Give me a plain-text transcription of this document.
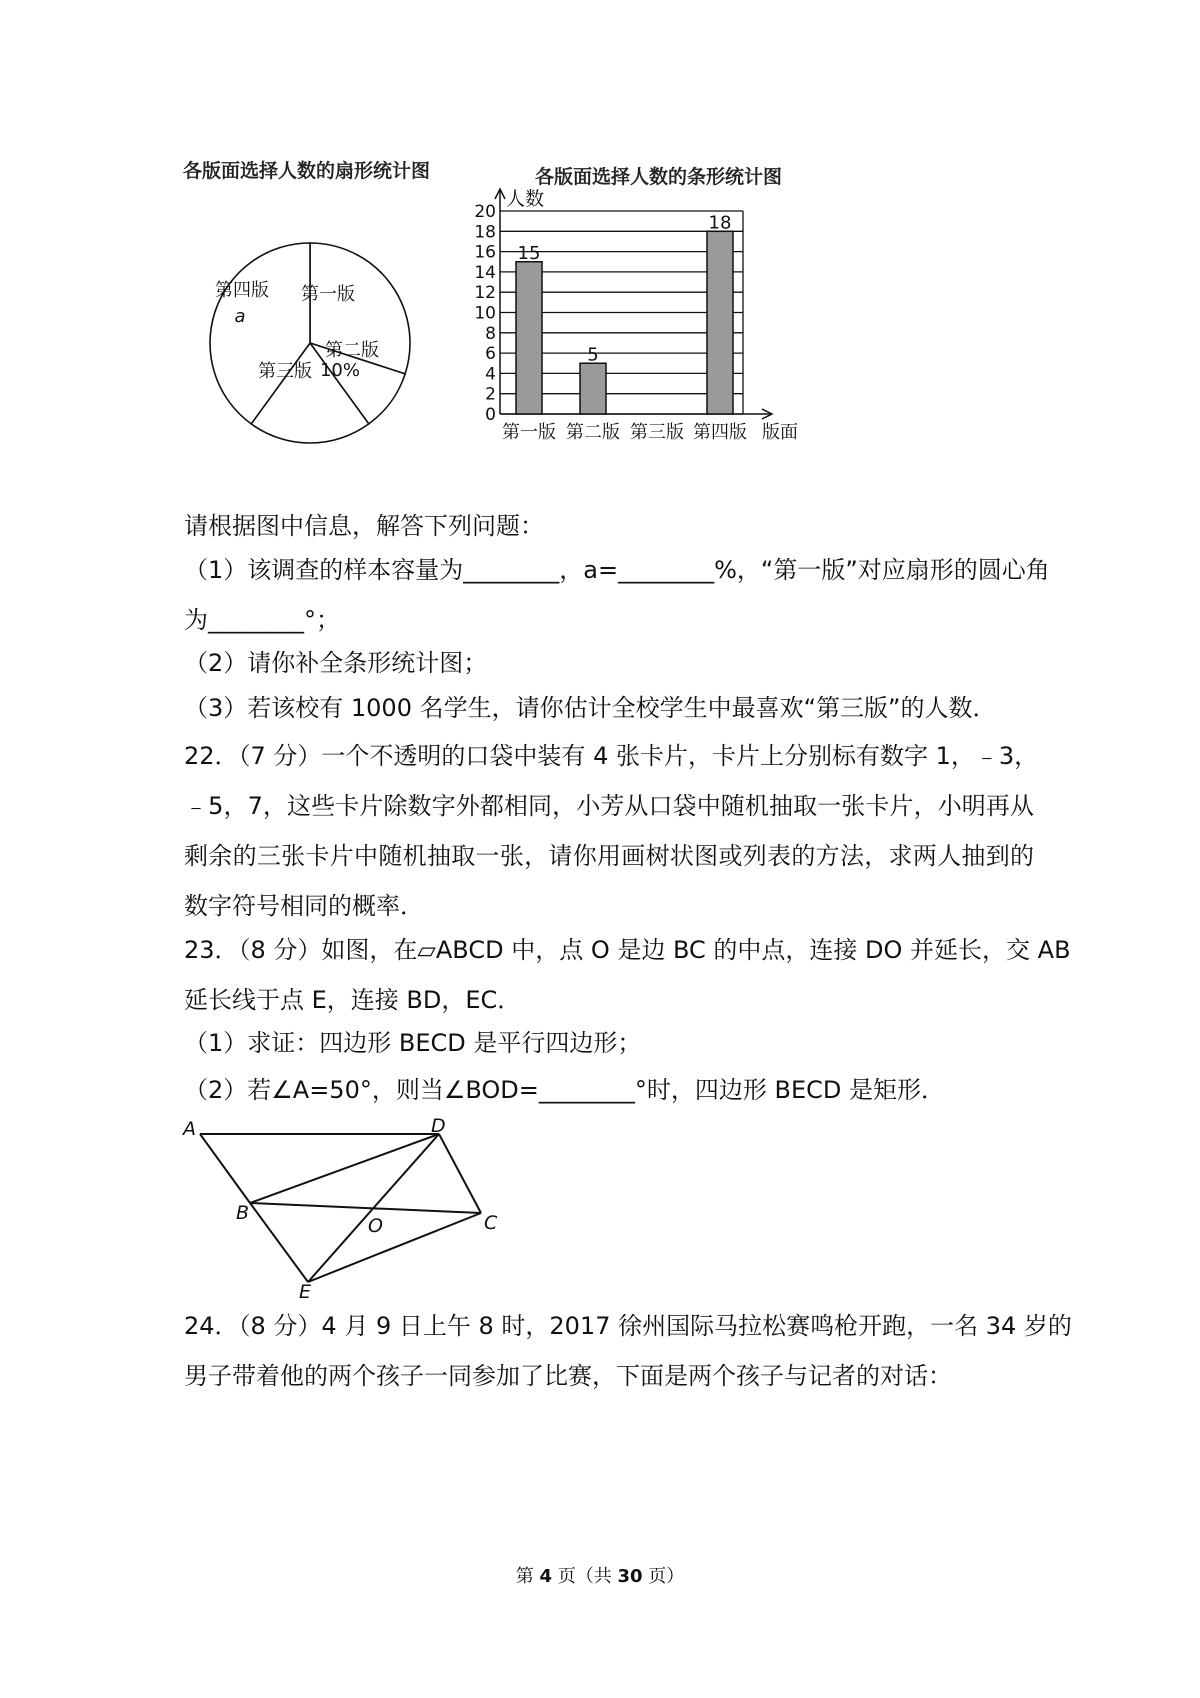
各版面选择人数的扇形统计图	各版面选择人数的条形统计图
第一版
第二版
10%
第三版
第四版
a
0
2
4
6
8
10
12
14
16
18
20
人数
版面
第一版
15
第二版
5
第三版 第四版
18

请根据图中信息，解答下列问题：

（1）该调查的样本容量为________，a=________%，“第一版”对应扇形的圆心角
为________°；

（2）请你补全条形统计图；

（3）若该校有 1000 名学生，请你估计全校学生中最喜欢“第三版”的人数．

22．（7 分）一个不透明的口袋中装有 4 张卡片，卡片上分别标有数字 1，﹣3，
﹣5，7，这些卡片除数字外都相同，小芳从口袋中随机抽取一张卡片，小明再从
剩余的三张卡片中随机抽取一张，请你用画树状图或列表的方法，求两人抽到的
数字符号相同的概率．

23．（8 分）如图，在▱ABCD 中，点 O 是边 BC 的中点，连接 DO 并延长，交 AB
延长线于点 E，连接 BD，EC．

（1）求证：四边形 BECD 是平行四边形；

（2）若∠A=50°，则当∠BOD=________°时，四边形 BECD 是矩形．

A	D
B
O	C
E

24．（8 分）4 月 9 日上午 8 时，2017 徐州国际马拉松赛鸣枪开跑，一名 34 岁的
男子带着他的两个孩子一同参加了比赛，下面是两个孩子与记者的对话：

第 4 页（共 30 页）
